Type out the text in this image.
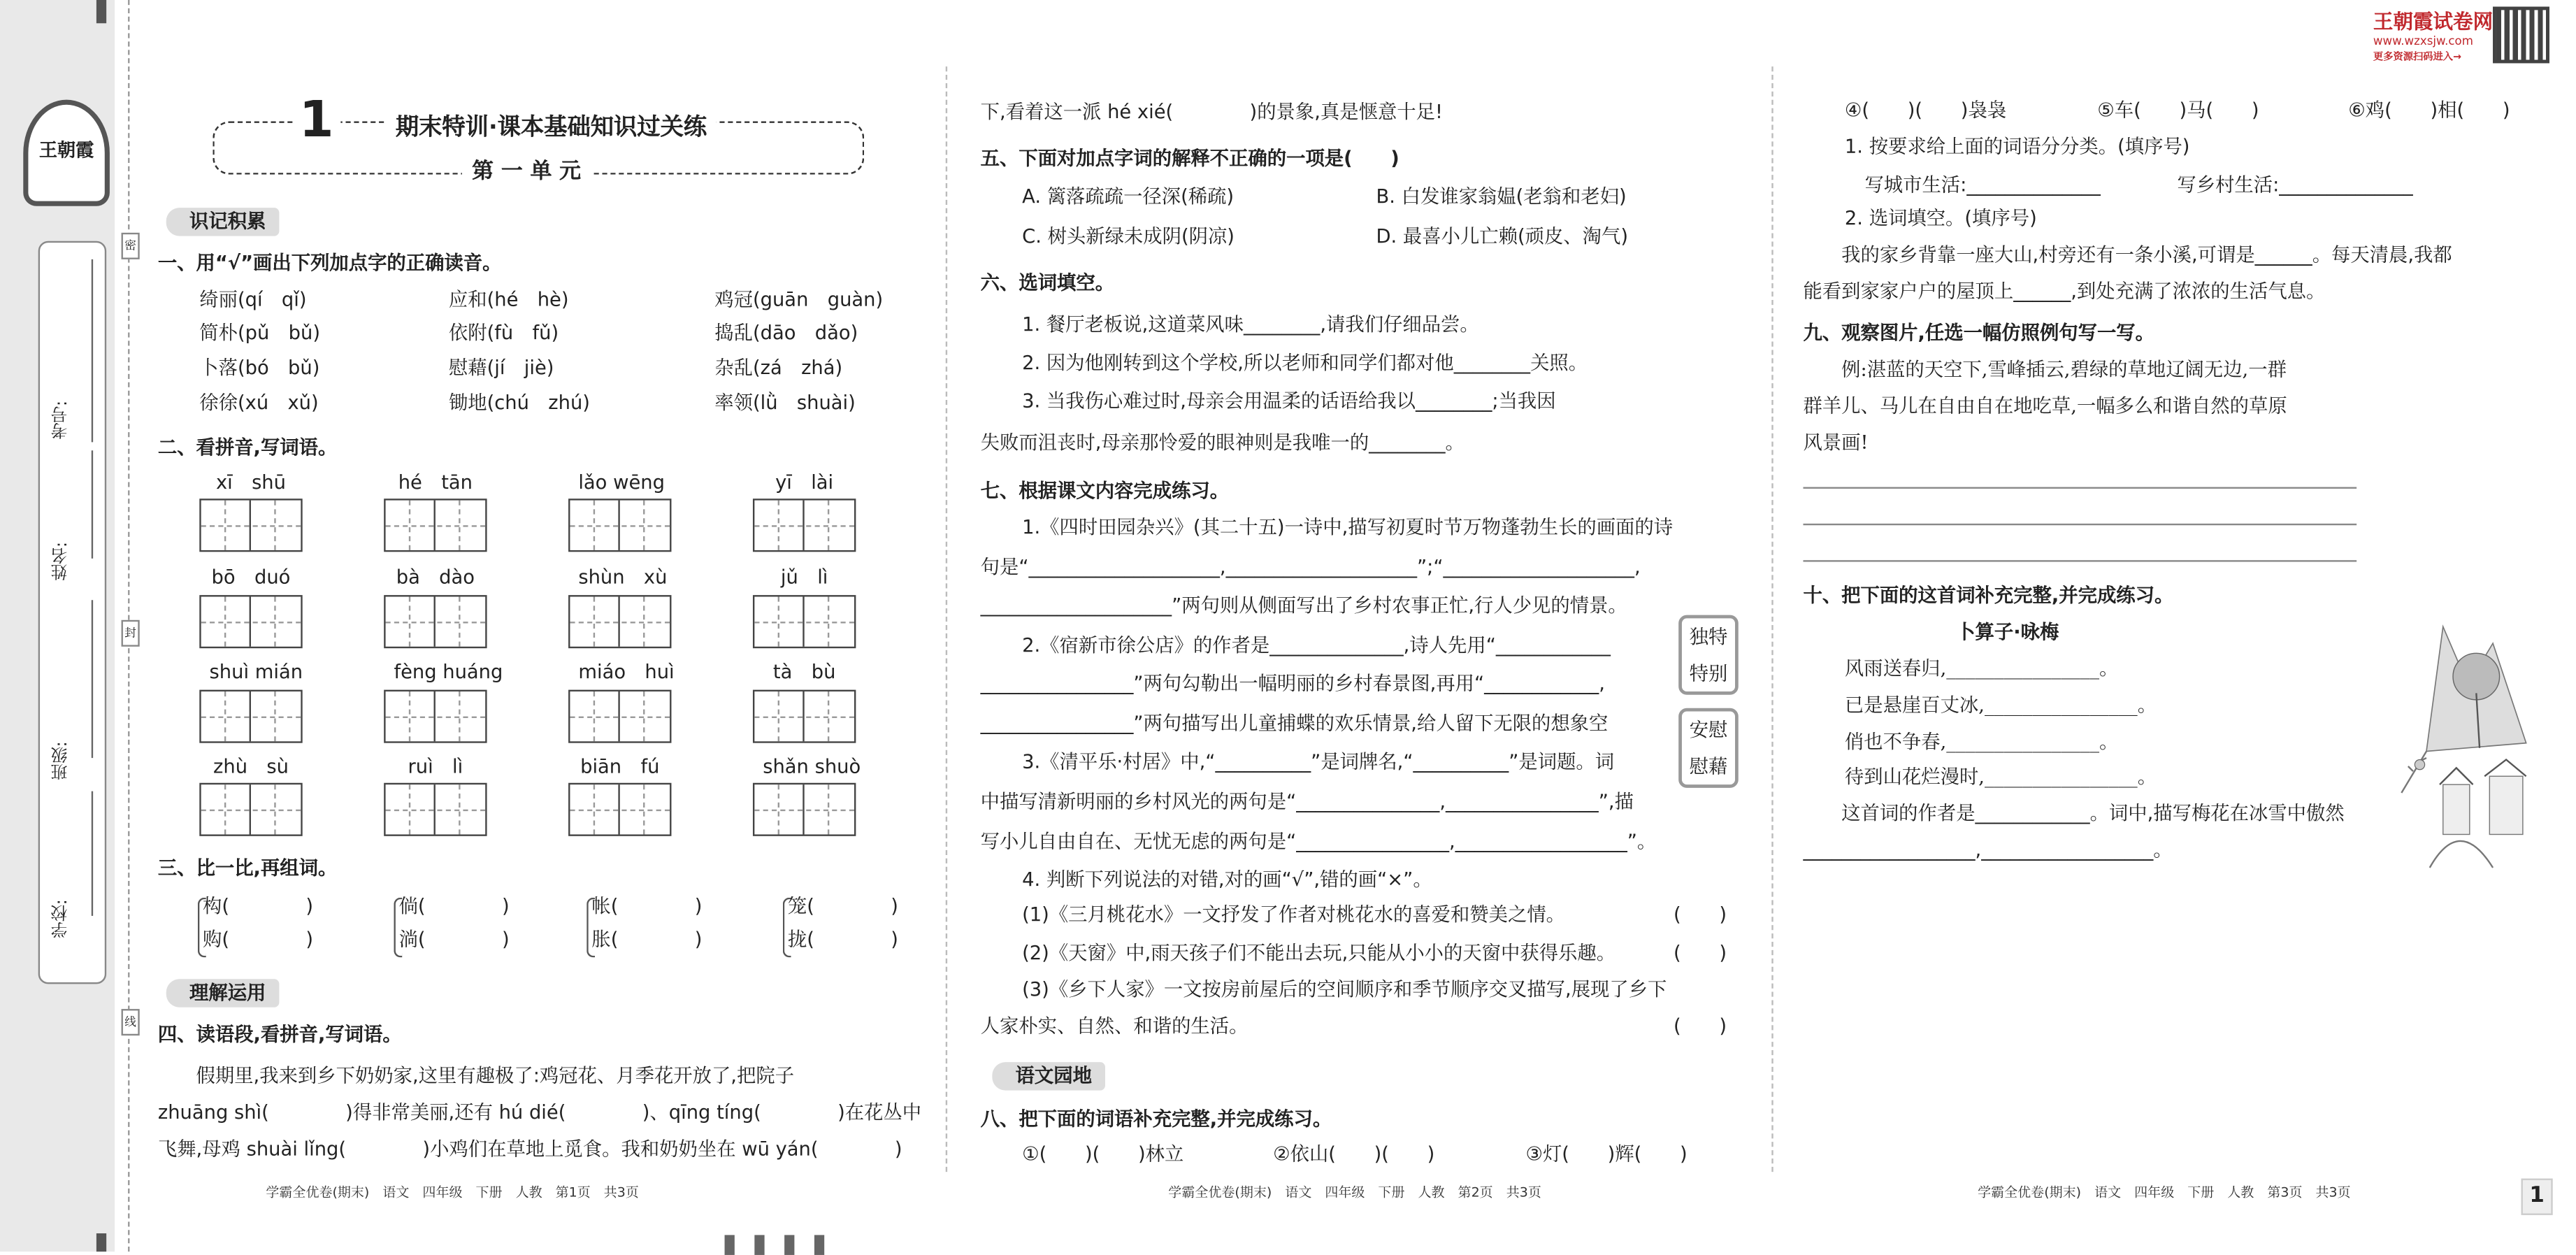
王朝霞
考号:
姓名:
班级:
学校:
密
封
线
1	期末特训·课本基础知识过关练
第 一 单 元
识记积累
一、用“√”画出下列加点字的正确读音。
二、看拼音,写词语。
三、比一比,再组词。
理解运用
四、读语段,看拼音,写词语。
　　假期里,我来到乡下奶奶家,这里有趣极了:鸡冠花、月季花开放了,把院子
zhuāng shì(　　　　)得非常美丽,还有 hú dié(　　　　)、qīng tíng(　　　　)在花丛中
飞舞,母鸡 shuài lǐng(　　　　)小鸡们在草地上觅食。我和奶奶坐在 wū yán(　　　　)
学霸全优卷(期末)　语文　四年级　下册　人教　第1页　共3页
下,看着这一派 hé xié(　　　　)的景象,真是惬意十足!
五、下面对加点字词的解释不正确的一项是(　　)
A. 篱落疏疏一径深(稀疏)	B. 白发谁家翁媪(老翁和老妇)
C. 树头新绿未成阴(阴凉)	D. 最喜小儿亡赖(顽皮、淘气)
六、选词填空。
1. 餐厅老板说,这道菜风味________,请我们仔细品尝。
2. 因为他刚转到这个学校,所以老师和同学们都对他________关照。
3. 当我伤心难过时,母亲会用温柔的话语给我以________;当我因
失败而沮丧时,母亲那怜爱的眼神则是我唯一的________。
七、根据课文内容完成练习。
独特
特别
安慰
慰藉
语文园地
八、把下面的词语补充完整,并完成练习。
①(　　)(　　)林立	②依山(　　)(　　)	③灯(　　)辉(　　)
学霸全优卷(期末)　语文　四年级　下册　人教　第2页　共3页
王朝霞试卷网
www.wzxsjw.com
更多资源扫码进入→
④(　　)(　　)袅袅	⑤车(　　)马(　　)	⑥鸡(　　)相(　　)
1. 按要求给上面的词语分分类。(填序号)
写城市生活:______________	写乡村生活:______________
2. 选词填空。(填序号)
　　我的家乡背靠一座大山,村旁还有一条小溪,可谓是______。每天清晨,我都
能看到家家户户的屋顶上______,到处充满了浓浓的生活气息。
九、观察图片,任选一幅仿照例句写一写。
　　例:湛蓝的天空下,雪峰插云,碧绿的草地辽阔无边,一群
群羊儿、马儿在自由自在地吃草,一幅多么和谐自然的草原
风景画!
十、把下面的这首词补充完整,并完成练习。
卜算子·咏梅
风雨送春归,________________。
已是悬崖百丈冰,________________。
俏也不争春,________________。
待到山花烂漫时,________________。
　　这首词的作者是____________。词中,描写梅花在冰雪中傲然
__________________,__________________。
学霸全优卷(期末)　语文　四年级　下册　人教　第3页　共3页	1
绮丽(qí　qǐ)	应和(hé　hè)	鸡冠(guān　guàn)
简朴(pǔ　bǔ)	依附(fù　fǔ)	捣乱(dāo　dǎo)
卜落(bó　bǔ)	慰藉(jí　jiè)	杂乱(zá　zhá)
徐徐(xú　xǔ)	锄地(chú　zhú)	率领(lǜ　shuài)
xī　shū	hé　tān	lǎo wēng	yī　lài
bō　duó	bà　dào	shùn　xù	jǔ　lì
shuì mián	fèng huáng	miáo　huì	tà　bù
zhù　sù	ruì　lì	biān　fú	shǎn shuò
构(　　　　)
购(　　　　)
倘(　　　　)
淌(　　　　)
帐(　　　　)
胀(　　　　)
笼(　　　　)
拢(　　　　)
1.《四时田园杂兴》(其二十五)一诗中,描写初夏时节万物蓬勃生长的画面的诗
句是“____________________,____________________”;“____________________,
____________________”两句则从侧面写出了乡村农事正忙,行人少见的情景。
2.《宿新市徐公店》的作者是______________,诗人先用“____________
________________”两句勾勒出一幅明丽的乡村春景图,再用“____________,
________________”两句描写出儿童捕蝶的欢乐情景,给人留下无限的想象空
3.《清平乐·村居》中,“__________”是词牌名,“__________”是词题。词
中描写清新明丽的乡村风光的两句是“_______________,________________”,描
写小儿自由自在、无忧无虑的两句是“________________,__________________”。
4. 判断下列说法的对错,对的画“√”,错的画“×”。
(1)《三月桃花水》一文抒发了作者对桃花水的喜爱和赞美之情。	(　　)
(2)《天窗》中,雨天孩子们不能出去玩,只能从小小的天窗中获得乐趣。	(　　)
(3)《乡下人家》一文按房前屋后的空间顺序和季节顺序交叉描写,展现了乡下
人家朴实、自然、和谐的生活。	(　　)
